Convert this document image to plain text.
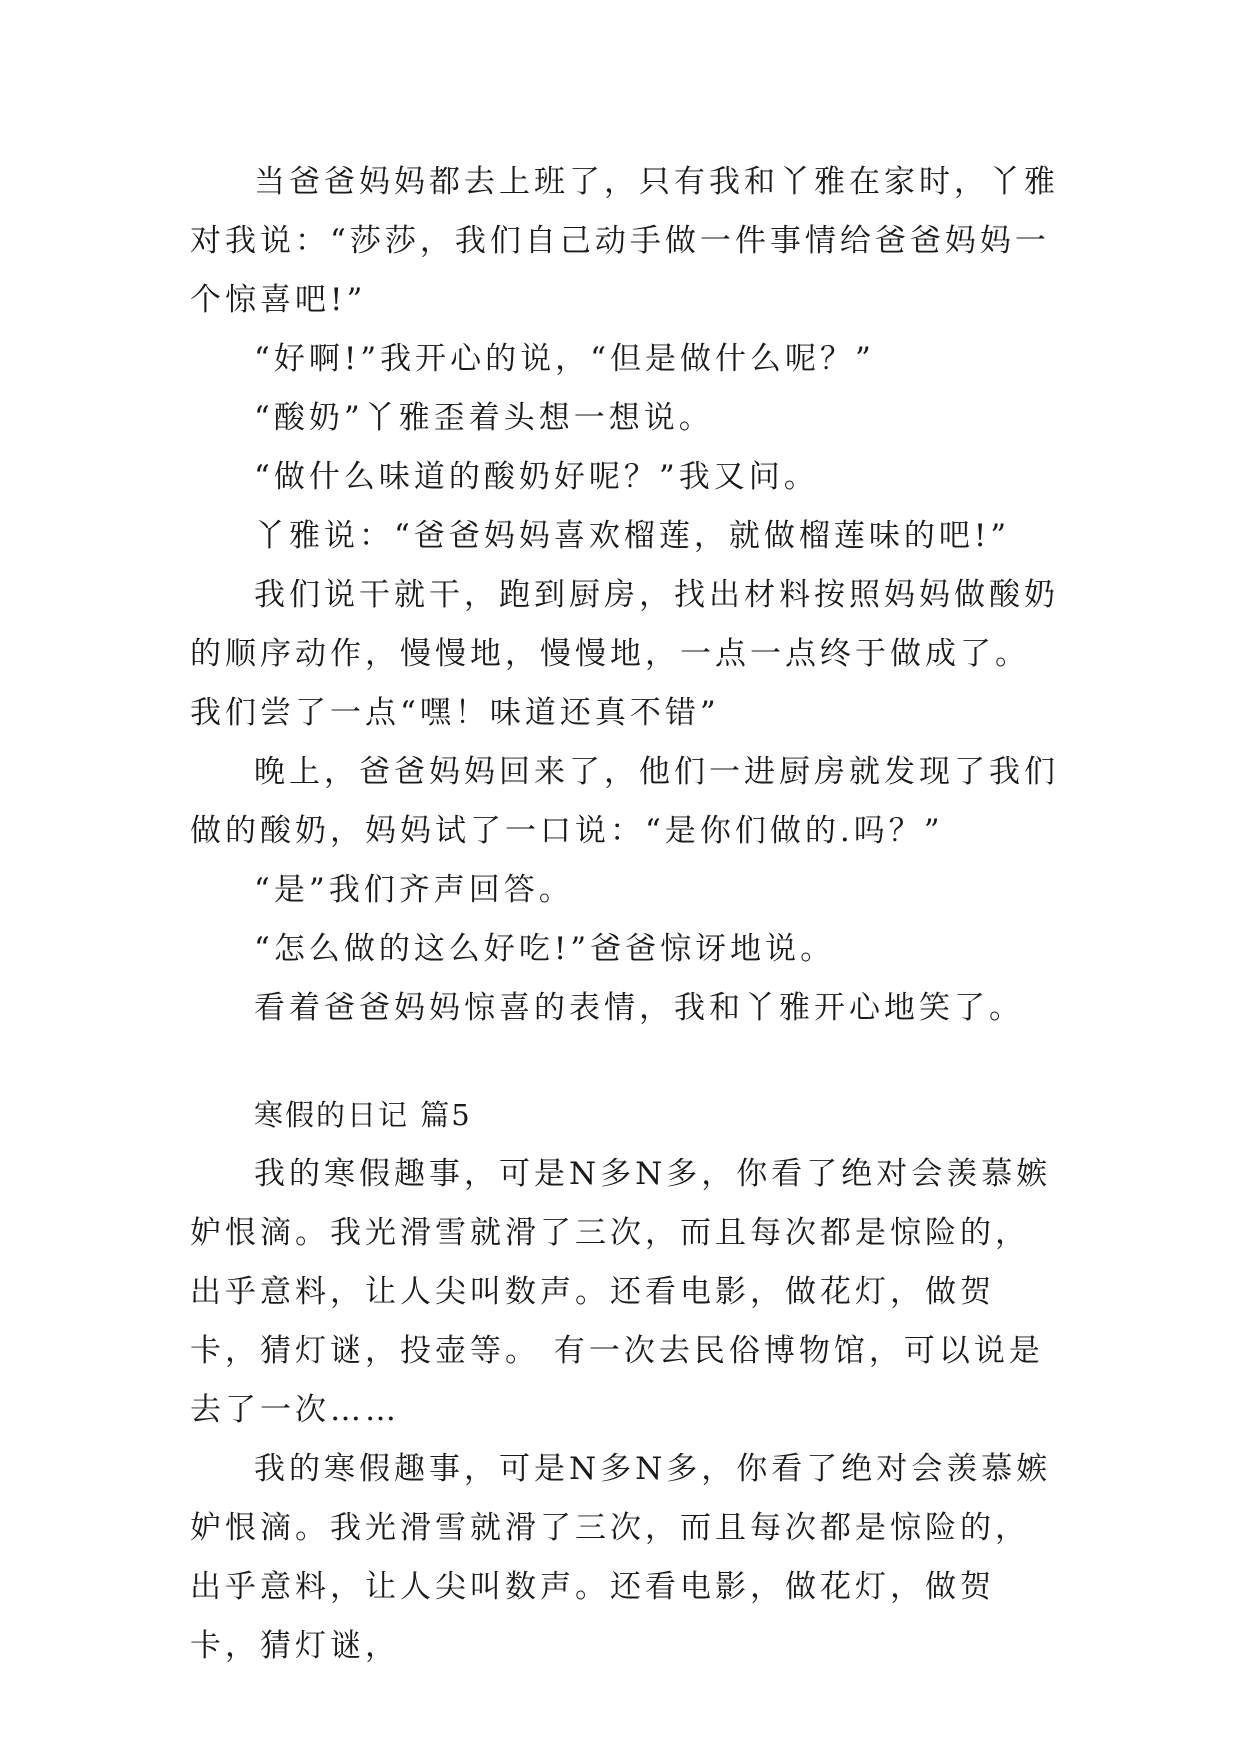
当爸爸妈妈都去上班了，只有我和丫雅在家时，丫雅对我说：“莎莎，我们自己动手做一件事情给爸爸妈妈一个惊喜吧!”

“好啊!”我开心的说，“但是做什么呢？”

“酸奶”丫雅歪着头想一想说。

“做什么味道的酸奶好呢？”我又问。

丫雅说：“爸爸妈妈喜欢榴莲，就做榴莲味的吧!”

我们说干就干，跑到厨房，找出材料按照妈妈做酸奶的顺序动作，慢慢地，慢慢地，一点一点终于做成了。我们尝了一点“嘿！味道还真不错”

晚上，爸爸妈妈回来了，他们一进厨房就发现了我们做的酸奶，妈妈试了一口说：“是你们做的.吗？”

“是”我们齐声回答。

“怎么做的这么好吃!”爸爸惊讶地说。

看着爸爸妈妈惊喜的表情，我和丫雅开心地笑了。

寒假的日记 篇5

我的寒假趣事，可是N多N多，你看了绝对会羡慕嫉妒恨滴。我光滑雪就滑了三次，而且每次都是惊险的，出乎意料，让人尖叫数声。还看电影，做花灯，做贺卡，猜灯谜，投壶等。 有一次去民俗博物馆，可以说是去了一次……

我的寒假趣事，可是N多N多，你看了绝对会羡慕嫉妒恨滴。我光滑雪就滑了三次，而且每次都是惊险的，出乎意料，让人尖叫数声。还看电影，做花灯，做贺卡，猜灯谜，
